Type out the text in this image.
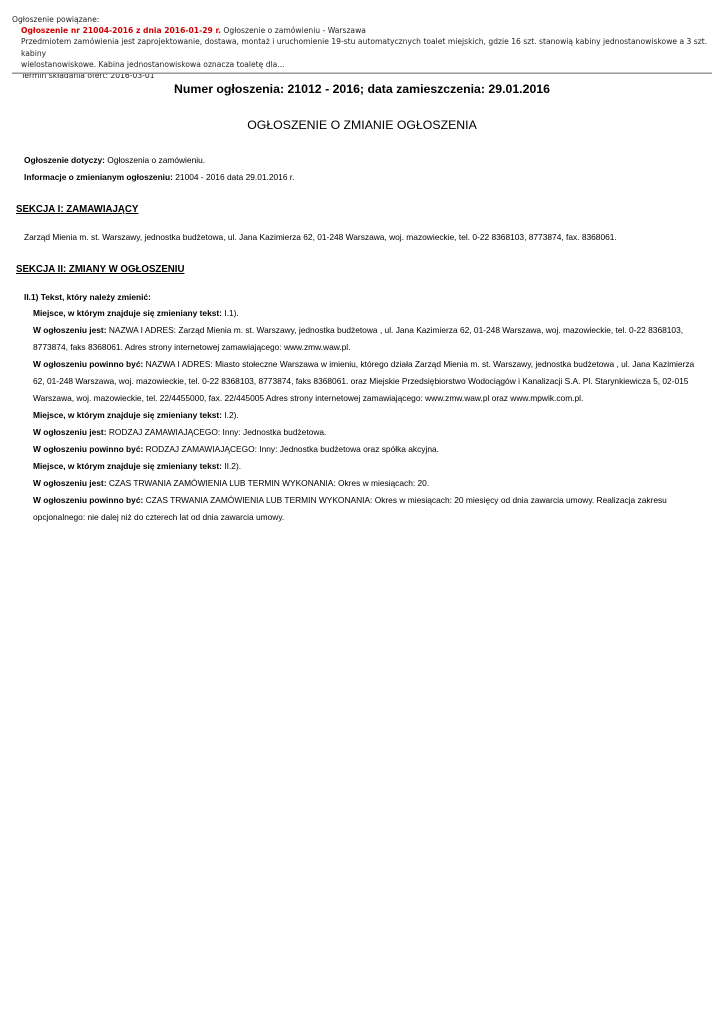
Ogłoszenie powiązane:
Ogłoszenie nr 21004-2016 z dnia 2016-01-29 r. Ogłoszenie o zamówieniu - Warszawa
Przedmiotem zamówienia jest zaprojektowanie, dostawa, montaż i uruchomienie 19-stu automatycznych toalet miejskich, gdzie 16 szt. stanowią kabiny jednostanowiskowe a 3 szt. kabiny
wielostanowiskowe. Kabina jednostanowiskowa oznacza toaletę dla...
Termin składania ofert: 2016-03-01
Numer ogłoszenia: 21012 - 2016; data zamieszczenia: 29.01.2016
OGŁOSZENIE O ZMIANIE OGŁOSZENIA
Ogłoszenie dotyczy: Ogłoszenia o zamówieniu.
Informacje o zmienianym ogłoszeniu: 21004 - 2016 data 29.01.2016 r.
SEKCJA I: ZAMAWIAJĄCY
Zarząd Mienia m. st. Warszawy, jednostka budżetowa, ul. Jana Kazimierza 62, 01-248 Warszawa, woj. mazowieckie, tel. 0-22 8368103, 8773874, fax. 8368061.
SEKCJA II: ZMIANY W OGŁOSZENIU
II.1) Tekst, który należy zmienić:
Miejsce, w którym znajduje się zmieniany tekst: I.1).
W ogłoszeniu jest: NAZWA I ADRES: Zarząd Mienia m. st. Warszawy, jednostka budżetowa , ul. Jana Kazimierza 62, 01-248 Warszawa, woj. mazowieckie, tel. 0-22 8368103,
8773874, faks 8368061. Adres strony internetowej zamawiającego: www.zmw.waw.pl.
W ogłoszeniu powinno być: NAZWA I ADRES: Miasto stołeczne Warszawa w imieniu, którego działa Zarząd Mienia m. st. Warszawy, jednostka budżetowa , ul. Jana Kazimierza
62, 01-248 Warszawa, woj. mazowieckie, tel. 0-22 8368103, 8773874, faks 8368061. oraz Miejskie Przedsiębiorstwo Wodociągów i Kanalizacji S.A. Pl. Starynkiewicza 5, 02-015
Warszawa, woj. mazowieckie, tel. 22/4455000, fax. 22/445005 Adres strony internetowej zamawiającego: www.zmw.waw.pl oraz www.mpwik.com.pl.
Miejsce, w którym znajduje się zmieniany tekst: I.2).
W ogłoszeniu jest: RODZAJ ZAMAWIAJĄCEGO: Inny: Jednostka budżetowa.
W ogłoszeniu powinno być: RODZAJ ZAMAWIAJĄCEGO: Inny: Jednostka budżetowa oraz spółka akcyjna.
Miejsce, w którym znajduje się zmieniany tekst: II.2).
W ogłoszeniu jest: CZAS TRWANIA ZAMÓWIENIA LUB TERMIN WYKONANIA: Okres w miesiącach: 20.
W ogłoszeniu powinno być: CZAS TRWANIA ZAMÓWIENIA LUB TERMIN WYKONANIA: Okres w miesiącach: 20 miesięcy od dnia zawarcia umowy. Realizacja zakresu
opcjonalnego: nie dalej niż do czterech lat od dnia zawarcia umowy.
